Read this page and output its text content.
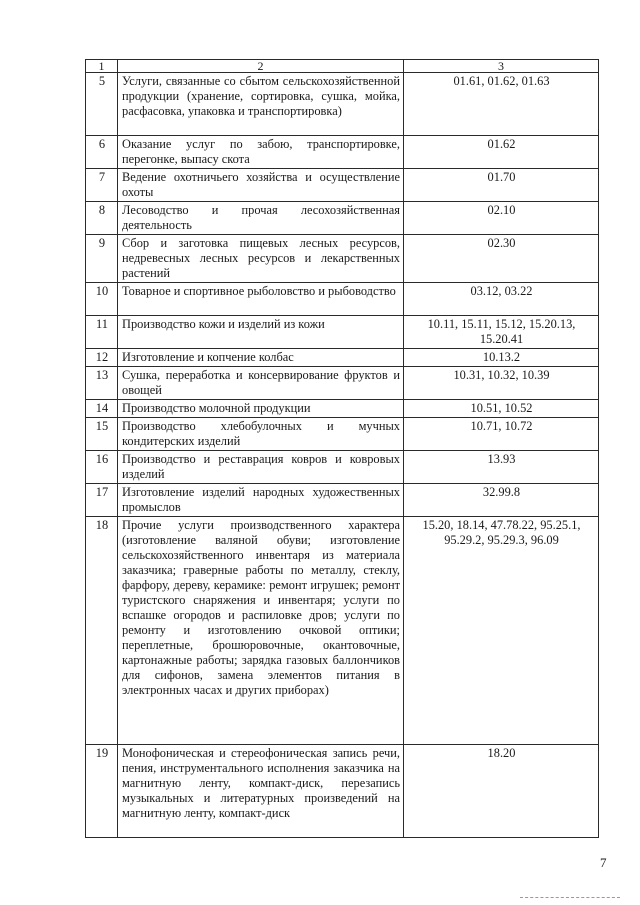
1	2	3
5	Услуги, связанные со сбытом сельскохозяйственной продукции (хранение, сортировка, сушка, мойка, расфасовка, упаковка и транспортировка)	01.61, 01.62, 01.63
6	Оказание услуг по забою, транспортировке, перегонке, выпасу скота	01.62
7	Ведение охотничьего хозяйства и осуществление охоты	01.70
8	Лесоводство и прочая лесохозяйственная деятельность	02.10
9	Сбор и заготовка пищевых лесных ресурсов, недревесных лесных ресурсов и лекарственных растений	02.30
10	Товарное и спортивное рыболовство и рыбоводство	03.12, 03.22
11	Производство кожи и изделий из кожи	10.11, 15.11, 15.12, 15.20.13, 15.20.41
12	Изготовление и копчение колбас	10.13.2
13	Сушка, переработка и консервирование фруктов и овощей	10.31, 10.32, 10.39
14	Производство молочной продукции	10.51, 10.52
15	Производство хлебобулочных и мучных кондитерских изделий	10.71, 10.72
16	Производство и реставрация ковров и ковровых изделий	13.93
17	Изготовление изделий народных художественных промыслов	32.99.8
18	Прочие услуги производственного характера (изготовление валяной обуви; изготовление сельскохозяйственного инвентаря из материала заказчика; граверные работы по металлу, стеклу, фарфору, дереву, керамике: ремонт игрушек; ремонт туристского снаряжения и инвентаря; услуги по вспашке огородов и распиловке дров; услуги по ремонту и изготовлению очковой оптики; переплетные, брошюровочные, окантовочные, картонажные работы; зарядка газовых баллончиков для сифонов, замена элементов питания в электронных часах и других приборах)	15.20, 18.14, 47.78.22, 95.25.1, 95.29.2, 95.29.3, 96.09
19	Монофоническая и стереофоническая запись речи, пения, инструментального исполнения заказчика на магнитную ленту, компакт-диск, перезапись музыкальных и литературных произведений на магнитную ленту, компакт-диск	18.20
7
